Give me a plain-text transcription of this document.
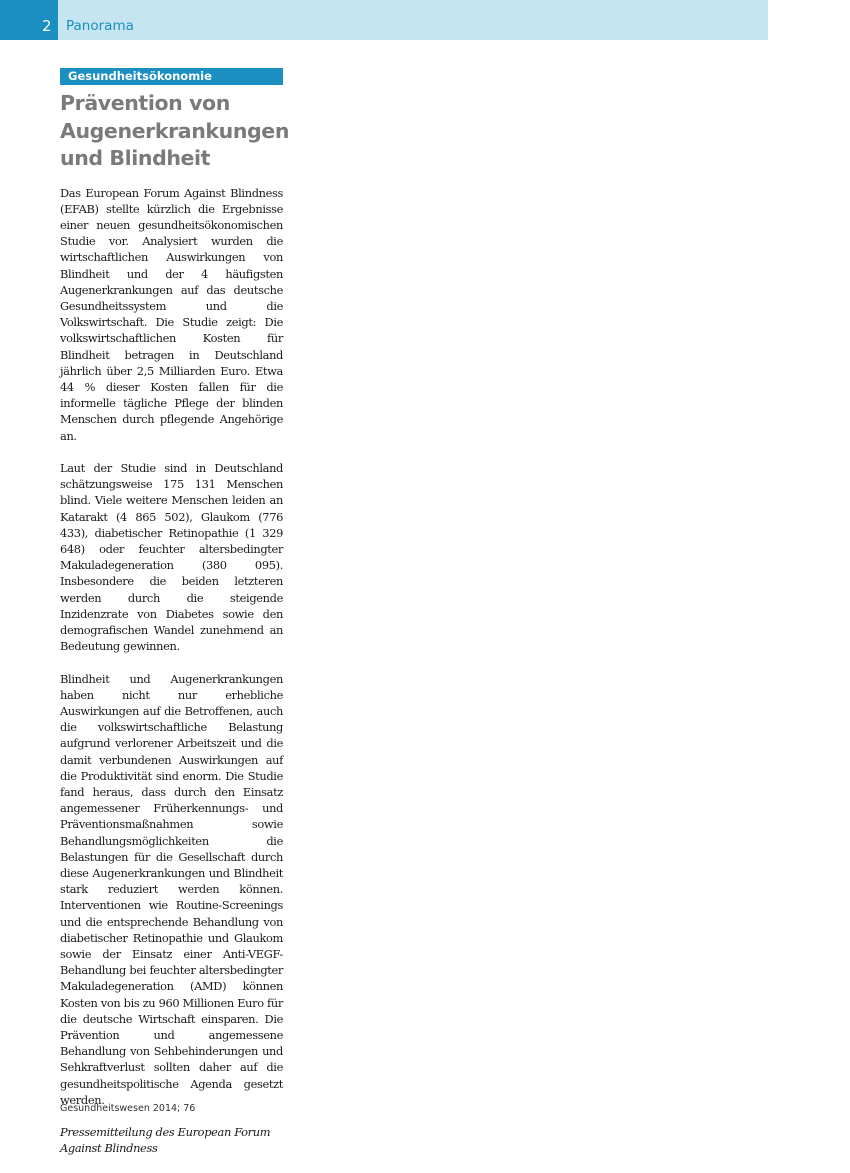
2	Panorama
Gesundheitsökonomie
Prävention von Augenerkrankungen und Blindheit

Das European Forum Against Blindness (EFAB) stellte kürzlich die Ergebnisse einer neuen gesundheitsökonomischen Studie vor. Analysiert wurden die wirtschaftlichen Auswirkungen von Blindheit und der 4 häufigsten Augenerkrankungen auf das deutsche Gesundheitssystem und die Volkswirtschaft. Die Studie zeigt: Die volkswirtschaftlichen Kosten für Blindheit betragen in Deutschland jährlich über 2,5 Milliarden Euro. Etwa 44 % dieser Kosten fallen für die informelle tägliche Pflege der blinden Menschen durch pflegende Angehörige an.

Laut der Studie sind in Deutschland schätzungsweise 175 131 Menschen blind. Viele weitere Menschen leiden an Katarakt (4 865 502), Glaukom (776 433), diabetischer Retinopathie (1 329 648) oder feuchter altersbedingter Makuladegeneration (380 095). Insbesondere die beiden letzteren werden durch die steigende Inzidenzrate von Diabetes sowie den demografischen Wandel zunehmend an Bedeutung gewinnen.

Blindheit und Augenerkrankungen haben nicht nur erhebliche Auswirkungen auf die Betroffenen, auch die volkswirtschaftliche Belastung aufgrund verlorener Arbeitszeit und die damit verbundenen Auswirkungen auf die Produktivität sind enorm. Die Studie fand heraus, dass durch den Einsatz angemessener Früherkennungs- und Präventionsmaßnahmen sowie Behandlungsmöglichkeiten die Belastungen für die Gesellschaft durch diese Augenerkrankungen und Blindheit stark reduziert werden können. Interventionen wie Routine-Screenings und die entsprechende Behandlung von diabetischer Retinopathie und Glaukom sowie der Einsatz einer Anti-VEGF-Behandlung bei feuchter altersbedingter Makuladegeneration (AMD) können Kosten von bis zu 960 Millionen Euro für die deutsche Wirtschaft einsparen. Die Prävention und angemessene Behandlung von Sehbehinderungen und Sehkraftverlust sollten daher auf die gesundheitspolitische Agenda gesetzt werden.

Pressemitteilung des European Forum
Against Blindness

Gesundheitswesen 2014; 76
